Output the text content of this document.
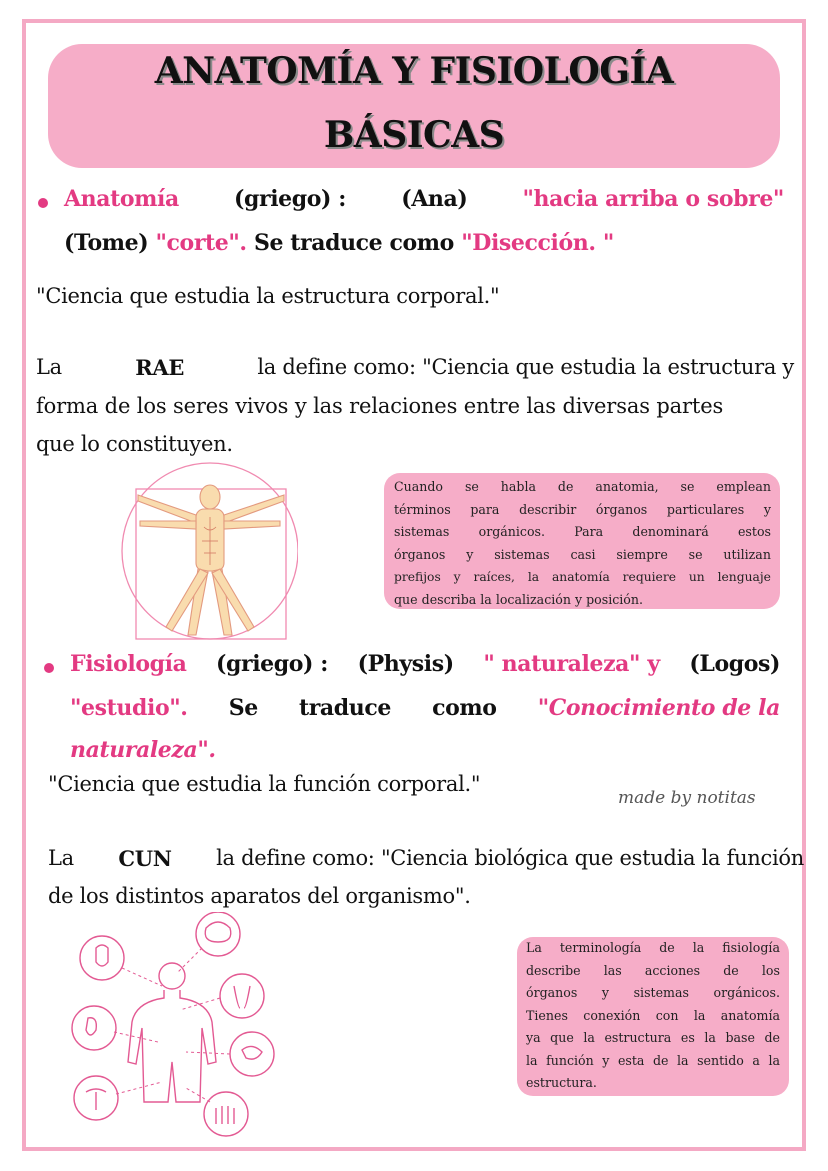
ANATOMÍA Y FISIOLOGÍA
BÁSICAS
Anatomía	(griego) :	(Ana)	"hacia arriba o sobre"
(Tome) "corte". Se traduce como "Disección. "
"Ciencia que estudia la estructura corporal."
La	RAE	la define como: "Ciencia que estudia la estructura y
forma de los seres vivos y las relaciones entre las diversas partes
que lo constituyen.
Cuando se habla de anatomia, se emplean
términos para describir órganos particulares y
sistemas orgánicos. Para denominará estos
órganos y sistemas casi siempre se utilizan
prefijos y raíces, la anatomía requiere un lenguaje
que describa la localización y posición.
Fisiología (griego) : (Physis) " naturaleza" y (Logos)
"estudio". Se traduce como "Conocimiento de la
naturaleza".
"Ciencia que estudia la función corporal."
made by notitas
La CUN la define como: "Ciencia biológica que estudia la función
de los distintos aparatos del organismo".
La terminología de la fisiología
describe las acciones de los
órganos y sistemas orgánicos.
Tienes conexión con la anatomía
ya que la estructura es la base de
la función y esta de la sentido a la
estructura.
